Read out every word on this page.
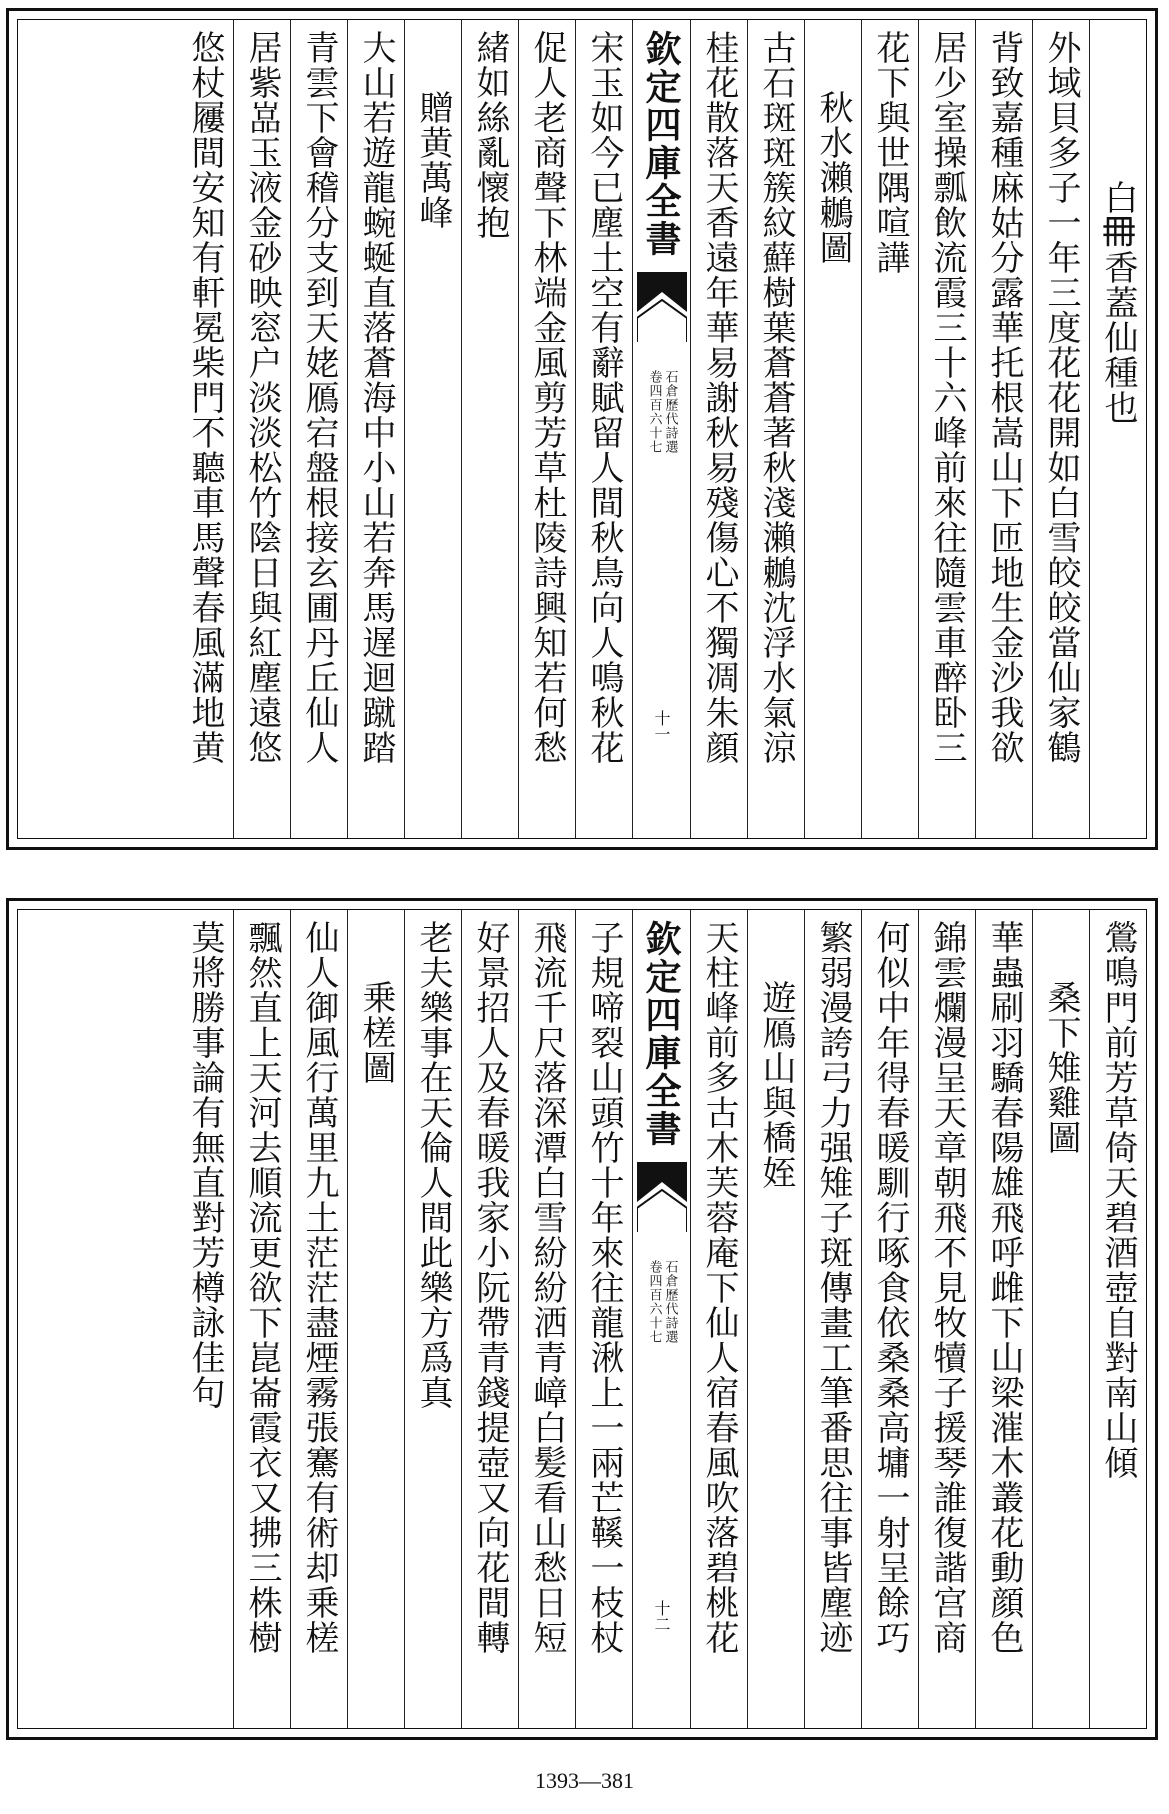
白𠕋香蓋仙種也
外域貝多子一年三度花花開如白雪皎皎當仙家鶴
背致嘉種麻姑分露華托根嵩山下匝地生金沙我欲
居少室操瓢飲流霞三十六峰前來往隨雲車醉卧三
花下與世隅喧譁
秋水瀨鶒圖
古石斑斑簇紋蘚樹葉蒼蒼著秋淺瀨鶒沈浮水氣涼
桂花散落天香遠年華易謝秋易殘傷心不獨凋朱顔
欽定四庫全書
石倉歷代詩選
卷四百六十七
十一
宋玉如今已塵土空有辭賦留人間秋鳥向人鳴秋花
促人老商聲下林端金風剪芳草杜陵詩興知若何愁
緒如絲亂懷抱
贈黄萬峰
大山若遊龍蜿蜒直落蒼海中小山若奔馬遅迴蹴踏
青雲下會稽分支到天姥鴈宕盤根接玄圃丹丘仙人
居紫嵓玉液金砂映窓户淡淡松竹陰日與紅塵遠悠
悠杖屨間安知有軒冕柴門不聽車馬聲春風滿地黄
鶯鳴門前芳草倚天碧酒壺自對南山傾
桑下雉雞圖
華蟲刷羽驕春陽雄飛呼雌下山梁漼木叢花動顔色
錦雲爛漫呈天章朝飛不見牧犢子援琴誰復諧宫商
何似中年得春暖馴行啄食依桑桑高墉一射呈餘巧
繁弱漫誇弓力强雉子斑傳畫工筆番思往事皆塵迹
遊鴈山與橋姪
天柱峰前多古木芙蓉庵下仙人宿春風吹落碧桃花
欽定四庫全書
石倉歷代詩選
卷四百六十七
十二
子規啼裂山頭竹十年來往龍湫上一兩芒鞵一枝杖
飛流千尺落深潭白雪紛紛洒青嶂白髪看山愁日短
好景招人及春暖我家小阮帶青錢提壺又向花間轉
老夫樂事在天倫人間此樂方爲真
乗槎圖
仙人御風行萬里九土茫茫盡煙霧張騫有術却乗槎
飄然直上天河去順流更欲下崑崙霞衣又拂三株樹
莫將勝事論有無直對芳樽詠佳句
1393—381
